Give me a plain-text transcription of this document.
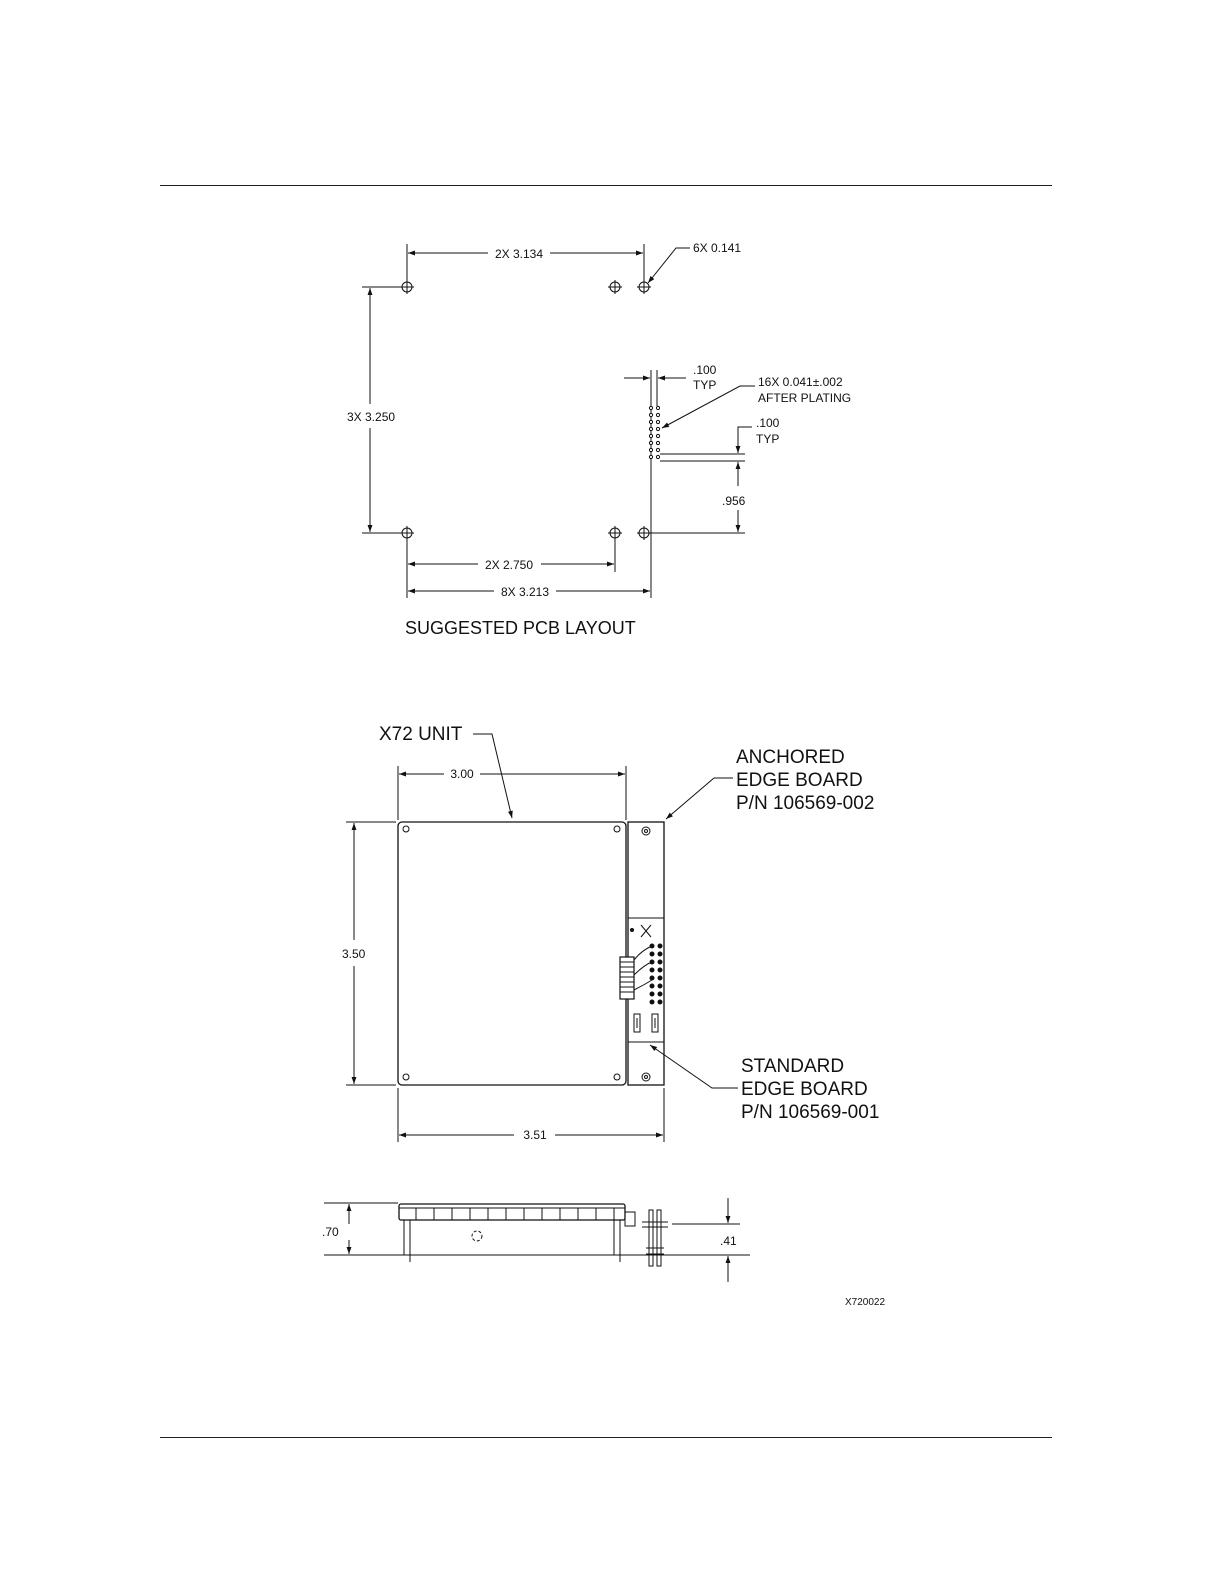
2X 3.134	6X 0.141
3X 3.250
.100
TYP	16X 0.041±.002
AFTER PLATING
.100
TYP
.956
2X 2.750
8X 3.213
SUGGESTED PCB LAYOUT
X72 UNIT
3.00
3.50
ANCHORED
EDGE BOARD
P/N 106569-002
STANDARD
EDGE BOARD
P/N 106569-001
3.51
.70
.41
X720022
